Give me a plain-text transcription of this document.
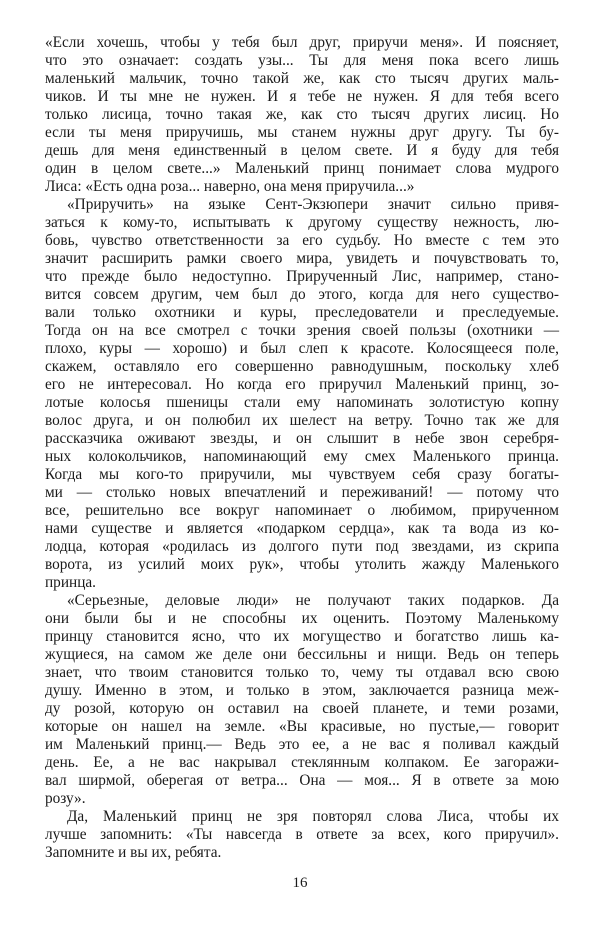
«Если хочешь, чтобы у тебя был друг, приручи меня». И поясняет,
что это означает: создать узы... Ты для меня пока всего лишь
маленький мальчик, точно такой же, как сто тысяч других маль-
чиков. И ты мне не нужен. И я тебе не нужен. Я для тебя всего
только лисица, точно такая же, как сто тысяч других лисиц. Но
если ты меня приручишь, мы станем нужны друг другу. Ты бу-
дешь для меня единственный в целом свете. И я буду для тебя
один в целом свете...» Маленький принц понимает слова мудрого
Лиса: «Есть одна роза... наверно, она меня приручила...»
«Приручить» на языке Сент-Экзюпери значит сильно привя-
заться к кому-то, испытывать к другому существу нежность, лю-
бовь, чувство ответственности за его судьбу. Но вместе с тем это
значит расширить рамки своего мира, увидеть и почувствовать то,
что прежде было недоступно. Прирученный Лис, например, стано-
вится совсем другим, чем был до этого, когда для него существо-
вали только охотники и куры, преследователи и преследуемые.
Тогда он на все смотрел с точки зрения своей пользы (охотники —
плохо, куры — хорошо) и был слеп к красоте. Колосящееся поле,
скажем, оставляло его совершенно равнодушным, поскольку хлеб
его не интересовал. Но когда его приручил Маленький принц, зо-
лотые колосья пшеницы стали ему напоминать золотистую копну
волос друга, и он полюбил их шелест на ветру. Точно так же для
рассказчика оживают звезды, и он слышит в небе звон серебря-
ных колокольчиков, напоминающий ему смех Маленького принца.
Когда мы кого-то приручили, мы чувствуем себя сразу богаты-
ми — столько новых впечатлений и переживаний! — потому что
все, решительно все вокруг напоминает о любимом, прирученном
нами существе и является «подарком сердца», как та вода из ко-
лодца, которая «родилась из долгого пути под звездами, из скрипа
ворота, из усилий моих рук», чтобы утолить жажду Маленького
принца.
«Серьезные, деловые люди» не получают таких подарков. Да
они были бы и не способны их оценить. Поэтому Маленькому
принцу становится ясно, что их могущество и богатство лишь ка-
жущиеся, на самом же деле они бессильны и нищи. Ведь он теперь
знает, что твоим становится только то, чему ты отдавал всю свою
душу. Именно в этом, и только в этом, заключается разница меж-
ду розой, которую он оставил на своей планете, и теми розами,
которые он нашел на земле. «Вы красивые, но пустые,— говорит
им Маленький принц.— Ведь это ее, а не вас я поливал каждый
день. Ее, а не вас накрывал стеклянным колпаком. Ее загоражи-
вал ширмой, оберегая от ветра... Она — моя... Я в ответе за мою
розу».
Да, Маленький принц не зря повторял слова Лиса, чтобы их
лучше запомнить: «Ты навсегда в ответе за всех, кого приручил».
Запомните и вы их, ребята.
16
